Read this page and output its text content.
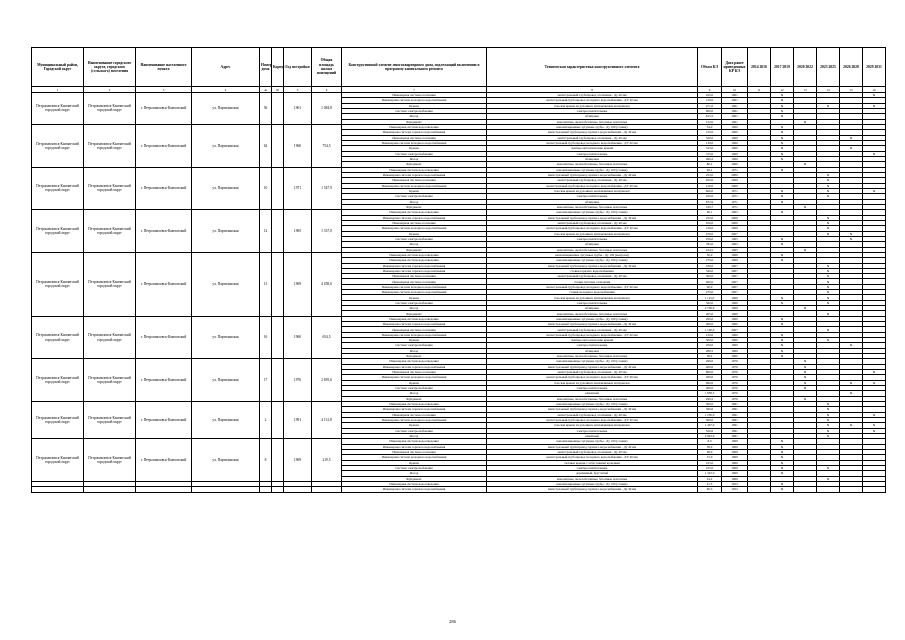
Муниципальный район, Городской округ	Наименование городского округа, городского (сельского) поселения	Наименование населенного пункта	Адрес	Номер дома	Корпус	Год постройки	Общая площадь жилых помещений	Конструктивный элемент многоквартирного дома, подлежащий включению в программу капитального ремонта	Техническая характеристика конструктивного элемента	Объем КЭ	Дата ранее проведенных КР КЭ	2014 2016	2017 2019	2020 2022	2023 2025	2026 2028	2029 2031
1	2	3	4	4а	4б	5	6	7	8	9	10	11	12	13	14	15	16
Петропавловск-Камчатский городской округ	Петропавловск-Камчатский городской округ	г. Петропавловск-Камчатский	ул. Партизанская	56		1961	1 084,8	Инженерная система отопления	магистральный трубопровод отопления - Ду 40 мм	450,0	1961		X				X
								Инженерная система холодного водоснабжения	магистральный трубопровод холодного водоснабжения - ДУ 40 мм	120,0	1961		X				
								Крыша	плоская крыша из рулонных наплавляемых материалов	471,0	1961		X		X		X
								Система электроснабжения	электроосветительные	900,0	1961		X				
								Фасад	облицовка	815,5	1961		X				
								Фундамент	монолитные, железобетонные, бетонные ленточные	152,0	1961			X			
Петропавловск-Камчатский городской округ	Петропавловск-Камчатский городской округ	г. Петропавловск-Камчатский	ул. Партизанская	62		1960	754,5	Инженерная система водоотведения	канализационные чугунные трубы - Ду 100 (стояки)	34,0	1960		X				
								Инженерная система горячего водоснабжения	магистральный трубопровод горячего водоснабжения - Ду 40 мм	210,0	1960		X				
								Инженерная система отопления	магистральный трубопровод отопления - Ду 40 мм	320,0	1960		X			X	
								Инженерная система холодного водоснабжения	магистральный трубопровод холодного водоснабжения - ДУ 40 мм	130,0	1960		X				
								Крыша	скатные металлические крыши	523,0	1960		X			X	
								Система электроснабжения	электроосветительные	315,0	1960		X				X
								Фасад	облицовка	496,2	1960		X				
								Фундамент	монолитные, железобетонные, бетонные ленточные	86,2	1960			X			
Петропавловск-Камчатский городской округ	Петропавловск-Камчатский городской округ	г. Петропавловск-Камчатский	ул. Партизанская	10		1971	1 547,9	Инженерная система водоотведения	канализационные чугунные трубы - Ду 100 (стояки)	96,1	1971		X				
								Инженерная система горячего водоснабжения	магистральный трубопровод горячего водоснабжения - Ду 40 мм	252,0	2009				X		
								Инженерная система отопления	магистральный трубопровод отопления - Ду 40 мм	650,0	2009				X		
								Инженерная система холодного водоснабжения	магистральный трубопровод холодного водоснабжения - ДУ 40 мм	126,0	2009				X		
								Крыша	плоская крыша из рулонных наплавляемых материалов	660,0	1971		X		X		X
								Система электроснабжения	электроосветительные	256,0	1971		X		X		
								Фасад	облицовка	872,9	1971		X				
								Фундамент	монолитные, железобетонные, бетонные ленточные	169,7	1971			X			
Петропавловск-Камчатский городской округ	Петропавловск-Камчатский городской округ	г. Петропавловск-Камчатский	ул. Партизанская	12		1965	1 337,0	Инженерная система водоотведения	канализационные чугунные трубы - Ду 100 (стояки)	96,1	1965		X				
								Инженерная система горячего водоснабжения	магистральный трубопровод горячего водоснабжения - Ду 40 мм	252,0	2009				X		
								Инженерная система отопления	магистральный трубопровод отопления - Ду 40 мм	650,0	2009				X		
								Инженерная система холодного водоснабжения	магистральный трубопровод холодного водоснабжения - ДУ 40 мм	126,0	2009				X		
								Крыша	плоская крыша из рулонных наплавляемых материалов	670,0	2007				X	X	
								Система электроснабжения	электроосветительные	256,0	1965		X			X	
								Фасад	облицовка	782,0	1965		X				
								Фундамент	монолитные, железобетонные, бетонные ленточные	164,5	1965			X			
Петропавловск-Камчатский городской округ	Петропавловск-Камчатский городской округ	г. Петропавловск-Камчатский	ул. Партизанская	13		1969	4 458,6	Инженерная система водоотведения	канализационные чугунные трубы - Ду 100 (выпуски)	30,0	1969		X				
								Инженерная система водоотведения	канализационные чугунные трубы - Ду 100 (стояки)	276,0	1969		X				
								Инженерная система горячего водоснабжения	магистральный трубопровод горячего водоснабжения - Ду 40 мм	180,0	2007				X		
								Инженерная система горячего водоснабжения	стояки горячего водоснабжения	540,0	2007				X		
								Инженерная система отопления	магистральный трубопровод отопления - Ду 40 мм	360,0	2007				X		
								Инженерная система отопления	стояки системы отопления	600,0	2007				X		
								Инженерная система холодного водоснабжения	магистральный трубопровод холодного водоснабжения - ДУ 40 мм	90,0	2007				X		
								Инженерная система холодного водоснабжения	стояки холодного водоснабжения	270,0	2007				X		
								Крыша	плоская крыша из рулонных наплавляемых материалов	1 115,0	1969		X		X		
								Система электроснабжения	электроосветительные	560,0	1969		X		X		
								Фасад	облицовка	2 709,0	1969			X			
								Фундамент	монолитные, железобетонные, бетонные ленточные	405,0	1969				X		
Петропавловск-Камчатский городской округ	Петропавловск-Камчатский городской округ	г. Петропавловск-Камчатский	ул. Партизанская	16		1960	654,5	Инженерная система водоотведения	канализационные чугунные трубы - Ду 100 (стояки)	290,0	1960		X				
								Инженерная система горячего водоснабжения	магистральный трубопровод горячего водоснабжения - Ду 40 мм	400,0	1960		X				
								Инженерная система отопления	магистральный трубопровод отопления - Ду 40 мм	1 100,0	2007				X		
								Инженерная система холодного водоснабжения	магистральный трубопровод холодного водоснабжения - ДУ 40 мм	150,0	1960		X				
								Крыша	скатные металлические крыши	500,0	1960		X		X		
								Система электроснабжения	электроосветительные	250,0	1960		X			X	
								Фасад	облицовка	286,5	1960		X				
								Фундамент	монолитные, железобетонные, бетонные ленточные	38,2	1960		X				
Петропавловск-Камчатский городской округ	Петропавловск-Камчатский городской округ	г. Петропавловск-Камчатский	ул. Партизанская	17		1976	2 695,6	Инженерная система водоотведения	канализационные чугунные трубы - Ду 100 (стояки)	290,0	1976			X			
								Инженерная система горячего водоснабжения	магистральный трубопровод горячего водоснабжения - Ду 40 мм	400,0	1976			X			
								Инженерная система отопления	магистральный трубопровод отопления - Ду 40 мм	860,0	1976			X			X
								Инженерная система холодного водоснабжения	магистральный трубопровод холодного водоснабжения - ДУ 40 мм	260,0	1976			X			
								Крыша	плоская крыша из рулонных наплавляемых материалов	990,0	1976			X		X	X
								Система электроснабжения	электроосветительные	400,0	1976			X			
								Фасад	каменный	1 858,5	1976					X	
								Фундамент	монолитные, железобетонные, бетонные ленточные	296,5	1976			X			
Петропавловск-Камчатский городской округ	Петропавловск-Камчатский городской округ	г. Петропавловск-Камчатский	ул. Партизанская	2		1991	4 131,8	Инженерная система водоотведения	канализационные чугунные трубы - Ду 100 (стояки)	300,0	1991				X		
								Инженерная система горячего водоснабжения	магистральный трубопровод горячего водоснабжения - Ду 40 мм	360,0	1991				X		
								Инженерная система отопления	магистральный трубопровод отопления - Ду 40 мм	1 250,0	1991				X		X
								Инженерная система холодного водоснабжения	магистральный трубопровод холодного водоснабжения - ДУ 40 мм	360,0	1991				X		
								Крыша	плоская крыша из рулонных наплавляемых материалов	1 467,0	1991				X	X	X
								Система электроснабжения	электроосветительные	520,0	1991				X		X
								Фасад	каменный	2 842,6	1991				X		
Петропавловск-Камчатский городской округ	Петропавловск-Камчатский городской округ	г. Петропавловск-Камчатский	ул. Партизанская	8		1969	219,5	Инженерная система водоотведения	канализационные чугунные трубы - Ду 100 (стояки)	8,0	1969		X				
								Инженерная система горячего водоснабжения	магистральный трубопровод горячего водоснабжения - Ду 40 мм	38,0	1969		X				
								Инженерная система отопления	магистральный трубопровод отопления - Ду 40 мм	68,0	1969		X				
								Инженерная система холодного водоснабжения	магистральный трубопровод холодного водоснабжения - ДУ 40 мм	15,0	1969		X				
								Крыша	скатные крыши с асбестовыми кровлями	105,0	1969		X				
								Система электроснабжения	электроосветительные	165,0	1969		X		X		
								Фасад	деревянный, брусчатый	1 322,0	1969		X				
								Фундамент	монолитные, железобетонные, бетонные ленточные	24,2	1969				X		
								Инженерная система водоотведения	канализационные чугунные трубы - Ду 100 (стояки)	41,5	1952		X				
								Инженерная система горячего водоснабжения	магистральный трубопровод горячего водоснабжения - Ду 40 мм	96,3	1952		X				
286
